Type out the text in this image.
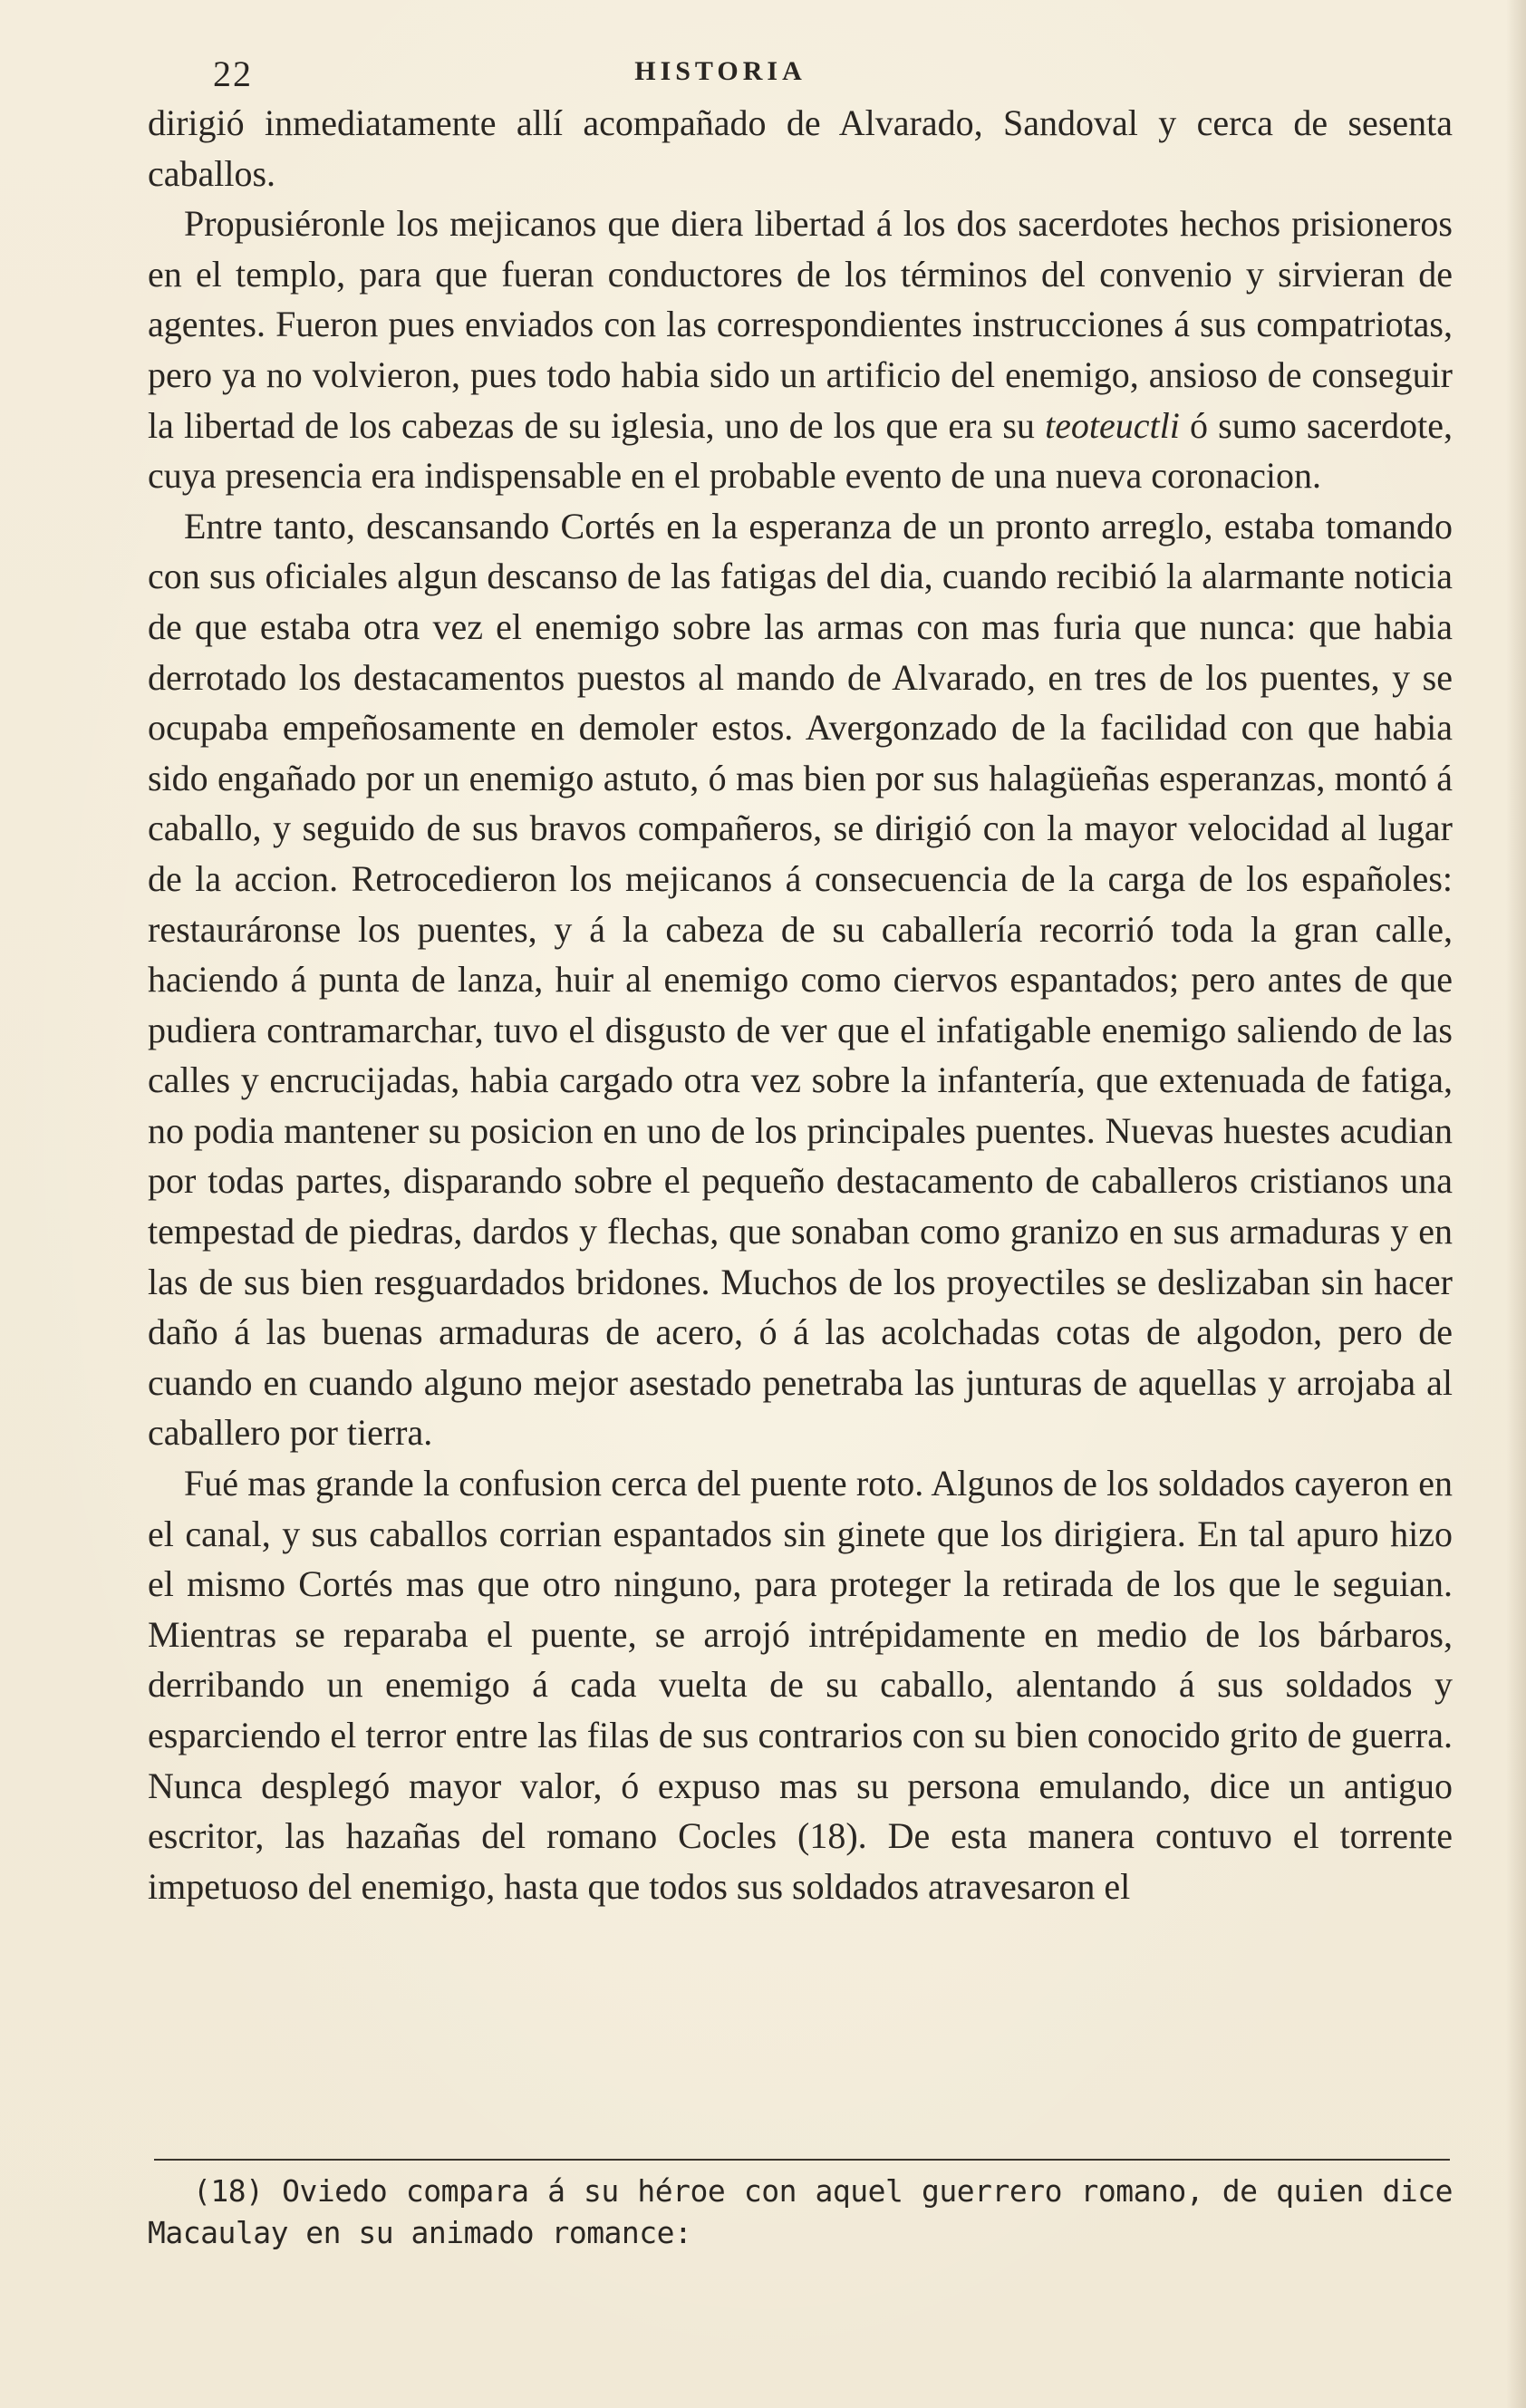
22	HISTORIA

dirigió inmediatamente allí acompañado de Alvarado, Sandoval y cerca de sesenta caballos.

Propusiéronle los mejicanos que diera libertad á los dos sacerdotes hechos prisioneros en el templo, para que fueran conductores de los términos del convenio y sirvieran de agentes. Fueron pues enviados con las correspondientes instrucciones á sus compatriotas, pero ya no volvieron, pues todo habia sido un artificio del enemigo, ansioso de conseguir la libertad de los cabezas de su iglesia, uno de los que era su teoteuctli ó sumo sacerdote, cuya presencia era indispensable en el probable evento de una nueva coronacion.

Entre tanto, descansando Cortés en la esperanza de un pronto arreglo, estaba tomando con sus oficiales algun descanso de las fatigas del dia, cuando recibió la alarmante noticia de que estaba otra vez el enemigo sobre las armas con mas furia que nunca: que habia derrotado los destacamentos puestos al mando de Alvarado, en tres de los puentes, y se ocupaba empeñosamente en demoler estos. Avergonzado de la facilidad con que habia sido engañado por un enemigo astuto, ó mas bien por sus halagüeñas esperanzas, montó á caballo, y seguido de sus bravos compañeros, se dirigió con la mayor velocidad al lugar de la accion. Retrocedieron los mejicanos á consecuencia de la carga de los españoles: restauráronse los puentes, y á la cabeza de su caballería recorrió toda la gran calle, haciendo á punta de lanza, huir al enemigo como ciervos espantados; pero antes de que pudiera contramarchar, tuvo el disgusto de ver que el infatigable enemigo saliendo de las calles y encrucijadas, habia cargado otra vez sobre la infantería, que extenuada de fatiga, no podia mantener su posicion en uno de los principales puentes. Nuevas huestes acudian por todas partes, disparando sobre el pequeño destacamento de caballeros cristianos una tempestad de piedras, dardos y flechas, que sonaban como granizo en sus armaduras y en las de sus bien resguardados bridones. Muchos de los proyectiles se deslizaban sin hacer daño á las buenas armaduras de acero, ó á las acolchadas cotas de algodon, pero de cuando en cuando alguno mejor asestado penetraba las junturas de aquellas y arrojaba al caballero por tierra.

Fué mas grande la confusion cerca del puente roto. Algunos de los soldados cayeron en el canal, y sus caballos corrian espantados sin ginete que los dirigiera. En tal apuro hizo el mismo Cortés mas que otro ninguno, para proteger la retirada de los que le seguian. Mientras se reparaba el puente, se arrojó intrépidamente en medio de los bárbaros, derribando un enemigo á cada vuelta de su caballo, alentando á sus soldados y esparciendo el terror entre las filas de sus contrarios con su bien conocido grito de guerra. Nunca desplegó mayor valor, ó expuso mas su persona emulando, dice un antiguo escritor, las hazañas del romano Cocles (18). De esta manera contuvo el torrente impetuoso del enemigo, hasta que todos sus soldados atravesaron el

(18) Oviedo compara á su héroe con aquel guerrero romano, de quien dice Macaulay en su animado romance:
